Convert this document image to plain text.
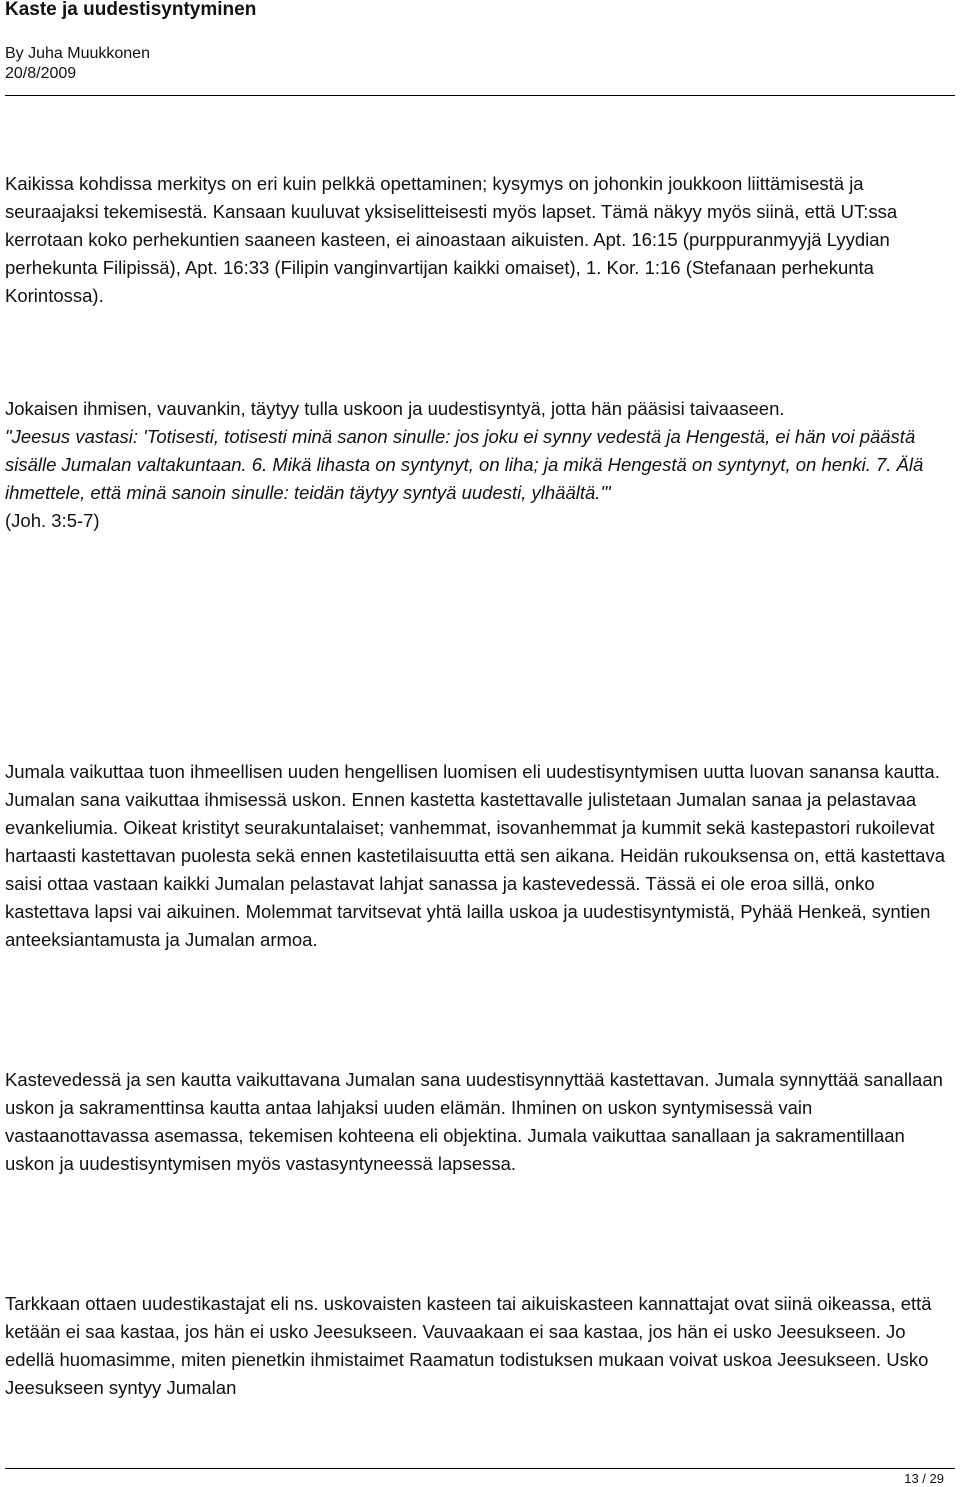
Kaste ja uudestisyntyminen
By Juha Muukkonen
20/8/2009

Kaikissa kohdissa merkitys on eri kuin pelkkä opettaminen; kysymys on johonkin joukkoon liittämisestä ja seuraajaksi tekemisestä. Kansaan kuuluvat yksiselitteisesti myös lapset. Tämä näkyy myös siinä, että UT:ssa kerrotaan koko perhekuntien saaneen kasteen, ei ainoastaan aikuisten. Apt. 16:15 (purppuranmyyjä Lyydian perhekunta Filipissä), Apt. 16:33 (Filipin vanginvartijan kaikki omaiset), 1. Kor. 1:16 (Stefanaan perhekunta Korintossa).

Jokaisen ihmisen, vauvankin, täytyy tulla uskoon ja uudestisyntyä, jotta hän pääsisi taivaaseen.
"Jeesus vastasi: 'Totisesti, totisesti minä sanon sinulle: jos joku ei synny vedestä ja Hengestä, ei hän voi päästä sisälle Jumalan valtakuntaan. 6. Mikä lihasta on syntynyt, on liha; ja mikä Hengestä on syntynyt, on henki. 7. Älä ihmettele, että minä sanoin sinulle: teidän täytyy syntyä uudesti, ylhäältä.'"
(Joh. 3:5-7)

Jumala vaikuttaa tuon ihmeellisen uuden hengellisen luomisen eli uudestisyntymisen uutta luovan sanansa kautta. Jumalan sana vaikuttaa ihmisessä uskon. Ennen kastetta kastettavalle julistetaan Jumalan sanaa ja pelastavaa evankeliumia. Oikeat kristityt seurakuntalaiset; vanhemmat, isovanhemmat ja kummit sekä kastepastori rukoilevat hartaasti kastettavan puolesta sekä ennen kastetilaisuutta että sen aikana. Heidän rukouksensa on, että kastettava saisi ottaa vastaan kaikki Jumalan pelastavat lahjat sanassa ja kastevedessä. Tässä ei ole eroa sillä, onko kastettava lapsi vai aikuinen. Molemmat tarvitsevat yhtä lailla uskoa ja uudestisyntymistä, Pyhää Henkeä, syntien anteeksiantamusta ja Jumalan armoa.

Kastevedessä ja sen kautta vaikuttavana Jumalan sana uudestisynnyttää kastettavan. Jumala synnyttää sanallaan uskon ja sakramenttinsa kautta antaa lahjaksi uuden elämän. Ihminen on uskon syntymisessä vain vastaanottavassa asemassa, tekemisen kohteena eli objektina. Jumala vaikuttaa sanallaan ja sakramentillaan uskon ja uudestisyntymisen myös vastasyntyneessä lapsessa.

Tarkkaan ottaen uudestikastajat eli ns. uskovaisten kasteen tai aikuiskasteen kannattajat ovat siinä oikeassa, että ketään ei saa kastaa, jos hän ei usko Jeesukseen. Vauvaakaan ei saa kastaa, jos hän ei usko Jeesukseen. Jo edellä huomasimme, miten pienetkin ihmistaimet Raamatun todistuksen mukaan voivat uskoa Jeesukseen. Usko Jeesukseen syntyy Jumalan

13 / 29
